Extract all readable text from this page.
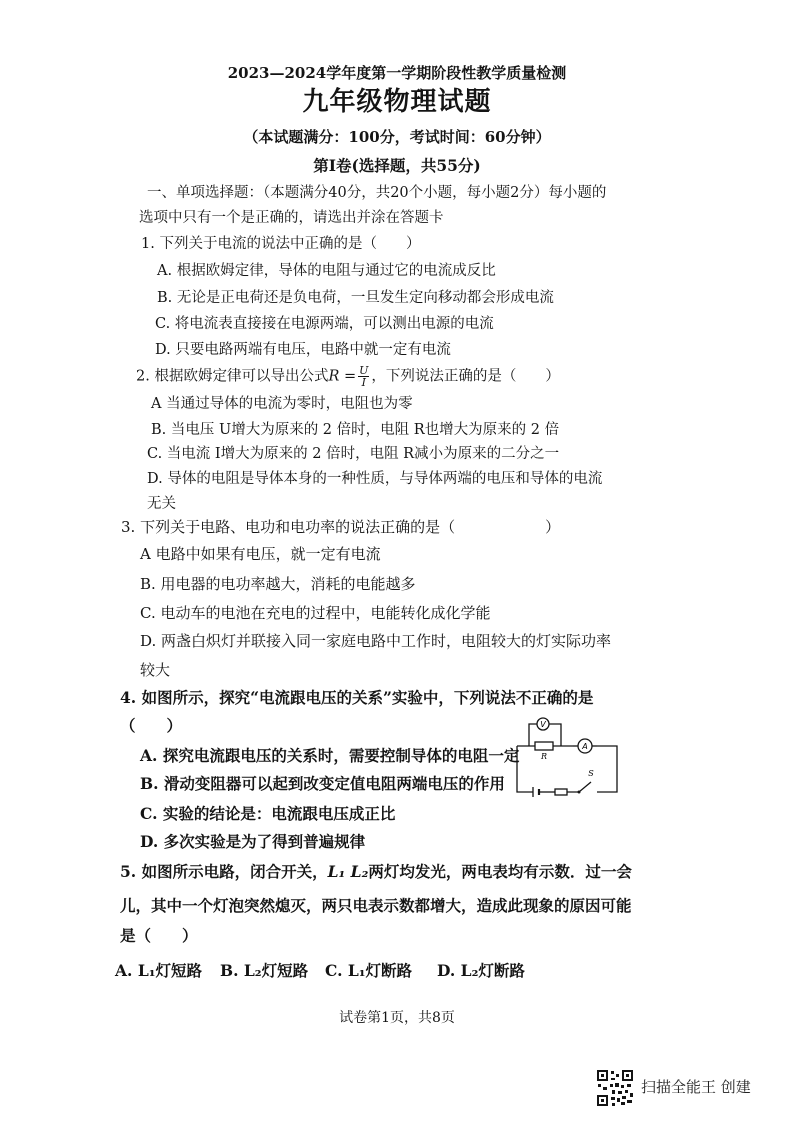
2023—2024学年度第一学期阶段性教学质量检测
九年级物理试题
（本试题满分：100分，考试时间：60分钟）
第Ⅰ卷(选择题，共55分)
一、单项选择题：（本题满分40分，共20个小题，每小题2分）每小题的
选项中只有一个是正确的，请选出并涂在答题卡
1. 下列关于电流的说法中正确的是（　　）
A. 根据欧姆定律，导体的电阻与通过它的电流成反比
B. 无论是正电荷还是负电荷，一旦发生定向移动都会形成电流
C. 将电流表直接接在电源两端，可以测出电源的电流
D. 只要电路两端有电压，电路中就一定有电流
2. 根据欧姆定律可以导出公式$R = \frac{U}{I}$ ，下列说法正确的是（　　）
A 当通过导体的电流为零时，电阻也为零
B. 当电压 U增大为原来的 2 倍时，电阻 R也增大为原来的 2 倍
C. 当电流 I增大为原来的 2 倍时，电阻 R减小为原来的二分之一
D. 导体的电阻是导体本身的一种性质，与导体两端的电压和导体的电流
无关
3. 下列关于电路、电功和电功率的说法正确的是（　　　　　　）
A 电路中如果有电压，就一定有电流
B. 用电器的电功率越大，消耗的电能越多
C. 电动车的电池在充电的过程中，电能转化成化学能
D. 两盏白炽灯并联接入同一家庭电路中工作时，电阻较大的灯实际功率
较大
4. 如图所示，探究“电流跟电压的关系”实验中，下列说法不正确的是
（　　）
A. 探究电流跟电压的关系时，需要控制导体的电阻一定
B. 滑动变阻器可以起到改变定值电阻两端电压的作用
C. 实验的结论是：电流跟电压成正比
D. 多次实验是为了得到普遍规律
V
A
R
S
5. 如图所示电路，闭合开关，L₁ L₂两灯均发光，两电表均有示数．过一会
儿，其中一个灯泡突然熄灭，两只电表示数都增大，造成此现象的原因可能
是（　　）
A. L₁灯短路 B. L₂灯短路 C. L₁灯断路 D. L₂灯断路
试卷第1页，共8页
扫描全能王 创建
